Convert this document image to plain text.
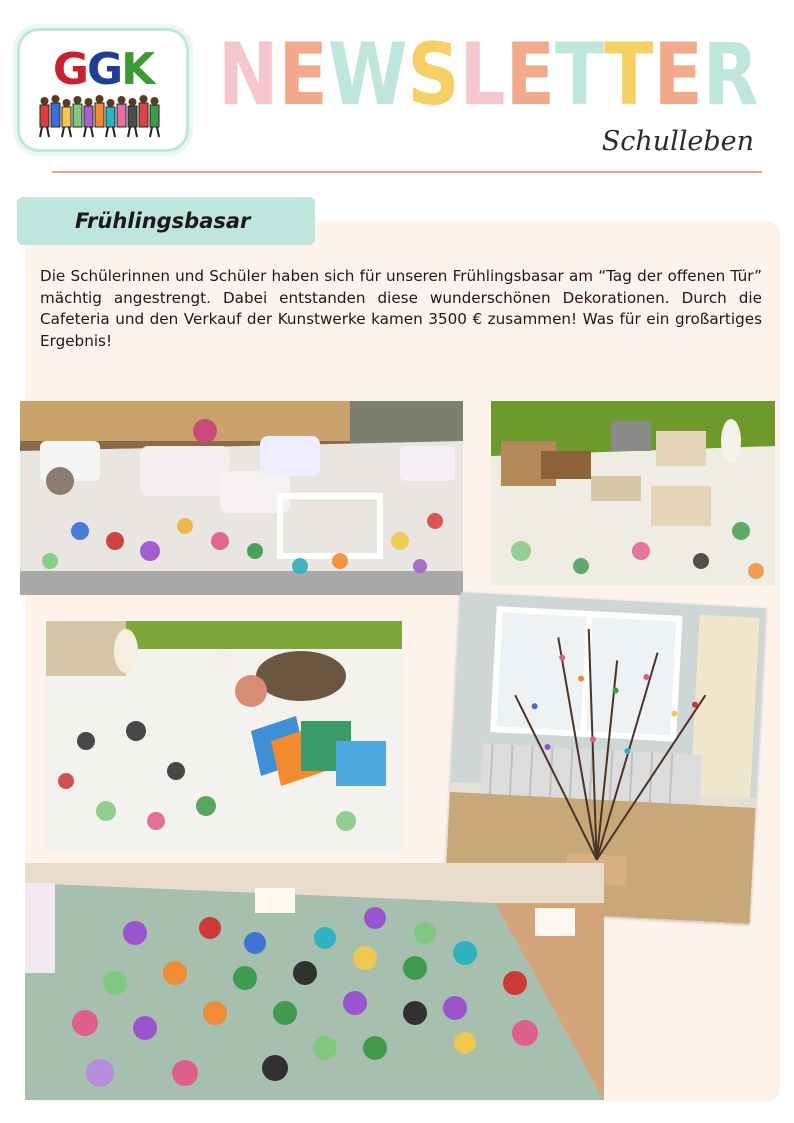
GGK NEWSLETTER
Schulleben
Frühlingsbasar

Die Schülerinnen und Schüler haben sich für unseren Frühlingsbasar am “Tag der offenen Tür” mächtig angestrengt. Dabei entstanden diese wunderschönen Dekorationen. Durch die Cafeteria und den Verkauf der Kunstwerke kamen 3500 € zusammen! Was für ein großartiges Ergebnis!
